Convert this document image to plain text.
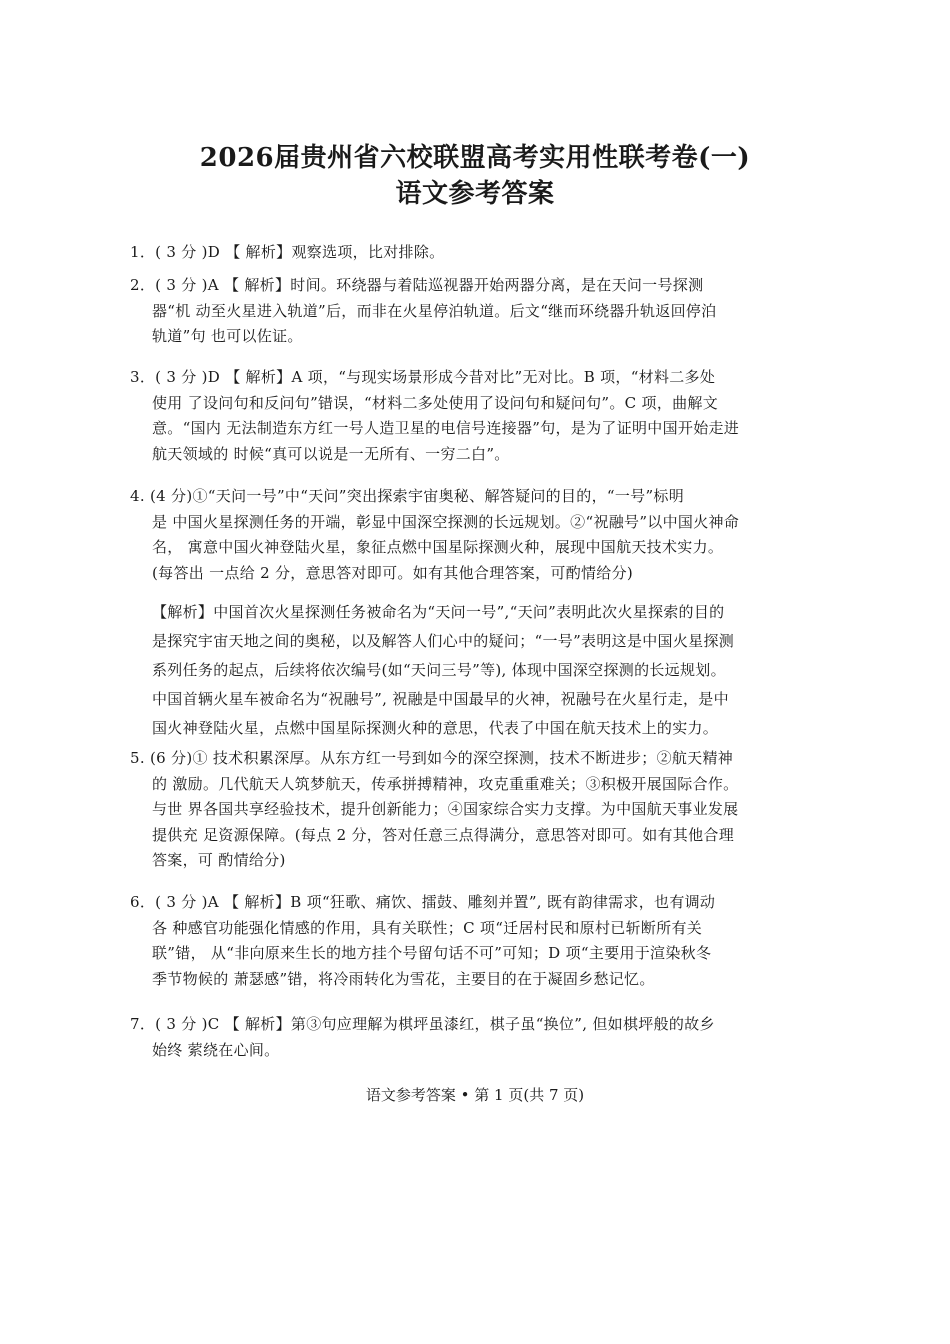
2026届贵州省六校联盟高考实用性联考卷(一)
语文参考答案
1．( 3 分 )D 【 解析】观察选项，比对排除。
2．( 3 分 )A 【 解析】时间。环绕器与着陆巡视器开始两器分离，是在天问一号探测
器“机 动至火星进入轨道”后，而非在火星停泊轨道。后文“继而环绕器升轨返回停泊
轨道”句 也可以佐证。
3．( 3 分 )D 【 解析】A 项，“与现实场景形成今昔对比”无对比。B 项，“材料二多处
使用 了设问句和反问句”错误，“材料二多处使用了设问句和疑问句”。C 项，曲解文
意。“国内 无法制造东方红一号人造卫星的电信号连接器”句，是为了证明中国开始走进
航天领域的 时候“真可以说是一无所有、一穷二白”。
4. (4 分)①“天问一号”中“天问”突出探索宇宙奥秘、解答疑问的目的，“一号”标明
是 中国火星探测任务的开端，彰显中国深空探测的长远规划。②“祝融号”以中国火神命
名， 寓意中国火神登陆火星，象征点燃中国星际探测火种，展现中国航天技术实力。
(每答出 一点给 2 分，意思答对即可。如有其他合理答案，可酌情给分)
【解析】中国首次火星探测任务被命名为“天问一号”,“天问”表明此次火星探索的目的
是探究宇宙天地之间的奥秘，以及解答人们心中的疑问；“一号”表明这是中国火星探测
系列任务的起点，后续将依次编号(如“天问三号”等), 体现中国深空探测的长远规划。
中国首辆火星车被命名为“祝融号”, 祝融是中国最早的火神，祝融号在火星行走，是中
国火神登陆火星，点燃中国星际探测火种的意思，代表了中国在航天技术上的实力。
5. (6 分)① 技术积累深厚。从东方红一号到如今的深空探测，技术不断进步；②航天精神
的 激励。几代航天人筑梦航天，传承拼搏精神，攻克重重难关；③积极开展国际合作。
与世 界各国共享经验技术，提升创新能力；④国家综合实力支撑。为中国航天事业发展
提供充 足资源保障。(每点 2 分，答对任意三点得满分，意思答对即可。如有其他合理
答案，可 酌情给分)
6．( 3 分 )A 【 解析】B 项“狂歌、痛饮、擂鼓、雕刻并置”, 既有韵律需求，也有调动
各 种感官功能强化情感的作用，具有关联性；C 项“迁居村民和原村已斩断所有关
联”错， 从“非向原来生长的地方挂个号留句话不可”可知；D 项“主要用于渲染秋冬
季节物候的 萧瑟感”错，将冷雨转化为雪花，主要目的在于凝固乡愁记忆。
7．( 3 分 )C 【 解析】第③句应理解为棋坪虽漆红，棋子虽“换位”, 但如棋坪般的故乡
始终 萦绕在心间。
语文参考答案 • 第 1 页(共 7 页)
